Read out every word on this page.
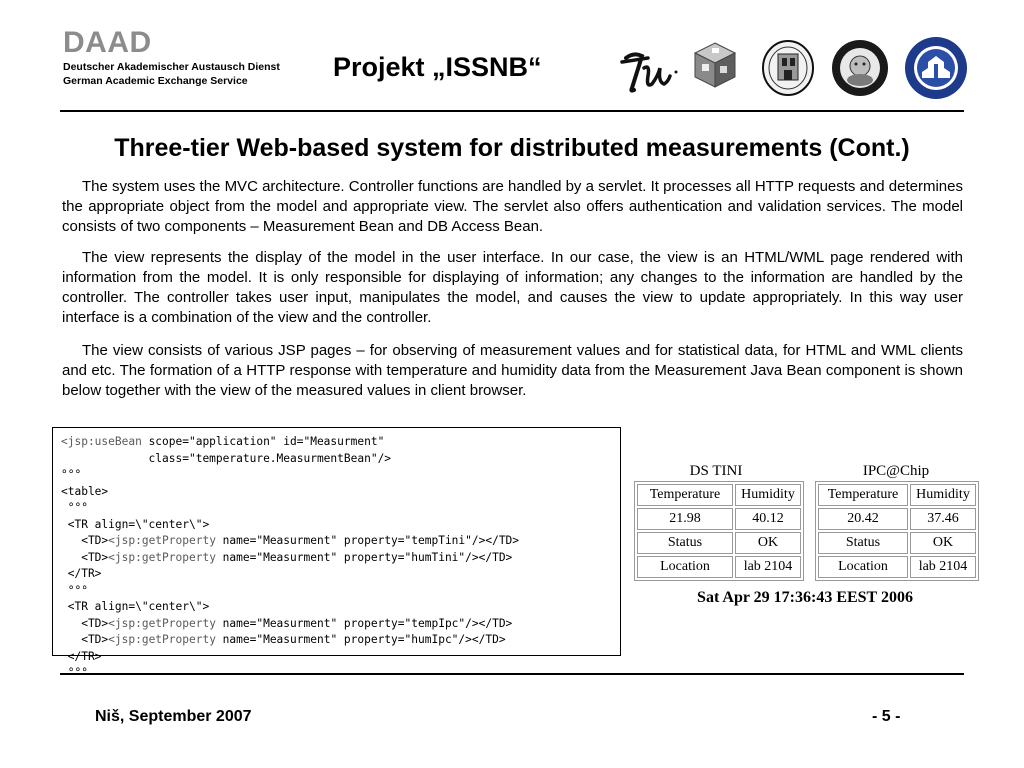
DAAD
Deutscher Akademischer Austausch Dienst
German Academic Exchange Service	Projekt „ISSNB“
Three-tier Web-based system for distributed measurements (Cont.)

The system uses the MVC architecture. Controller functions are handled by a servlet. It processes all HTTP requests and determines the appropriate object from the model and appropriate view. The servlet also offers authentication and validation services. The model consists of two components – Measurement Bean and DB Access Bean.

The view represents the display of the model in the user interface. In our case, the view is an HTML/WML page rendered with information from the model. It is only responsible for displaying of information; any changes to the information are handled by the controller. The controller takes user input, manipulates the model, and causes the view to update appropriately. In this way user interface is a combination of the view and the controller.

The view consists of various JSP pages – for observing of measurement values and for statistical data, for HTML and WML clients and etc. The formation of a HTTP response with temperature and humidity data from the Measurement Java Bean component is shown below together with the view of the measured values in client browser.

<jsp:useBean scope="application" id="Measurment"
class="temperature.MeasurmentBean"/>
°°°
<table>
°°°
<TR align=\"center\">
<TD><jsp:getProperty name="Measurment" property="tempTini"/></TD>
<TD><jsp:getProperty name="Measurment" property="humTini"/></TD>
</TR>
°°°
<TR align=\"center\">
<TD><jsp:getProperty name="Measurment" property="tempIpc"/></TD>
<TD><jsp:getProperty name="Measurment" property="humIpc"/></TD>
</TR>

DS TINI
Temperature	Humidity
21.98	40.12
Status	OK
Location	lab 2104
IPC@Chip
Temperature	Humidity
20.42	37.46
Status	OK
Location	lab 2104
Sat Apr 29 17:36:43 EEST 2006
Niš, September 2007	- 5 -
